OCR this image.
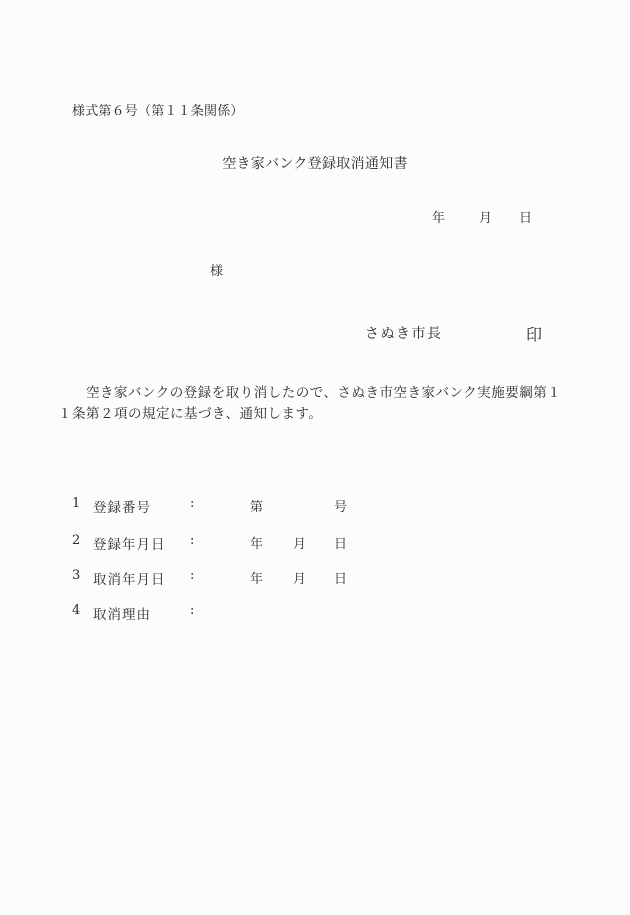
様式第６号（第１１条関係）
空き家バンク登録取消通知書
年	月 日
様
さぬき市長	印
空き家バンクの登録を取り消したので、さぬき市空き家バンク実施要綱第１
１条第２項の規定に基づき、通知します。
1 登録番号	:	第	号
2 登録年月日 :	年 月 日
3 取消年月日 :	年 月 日
4 取消理由	:
